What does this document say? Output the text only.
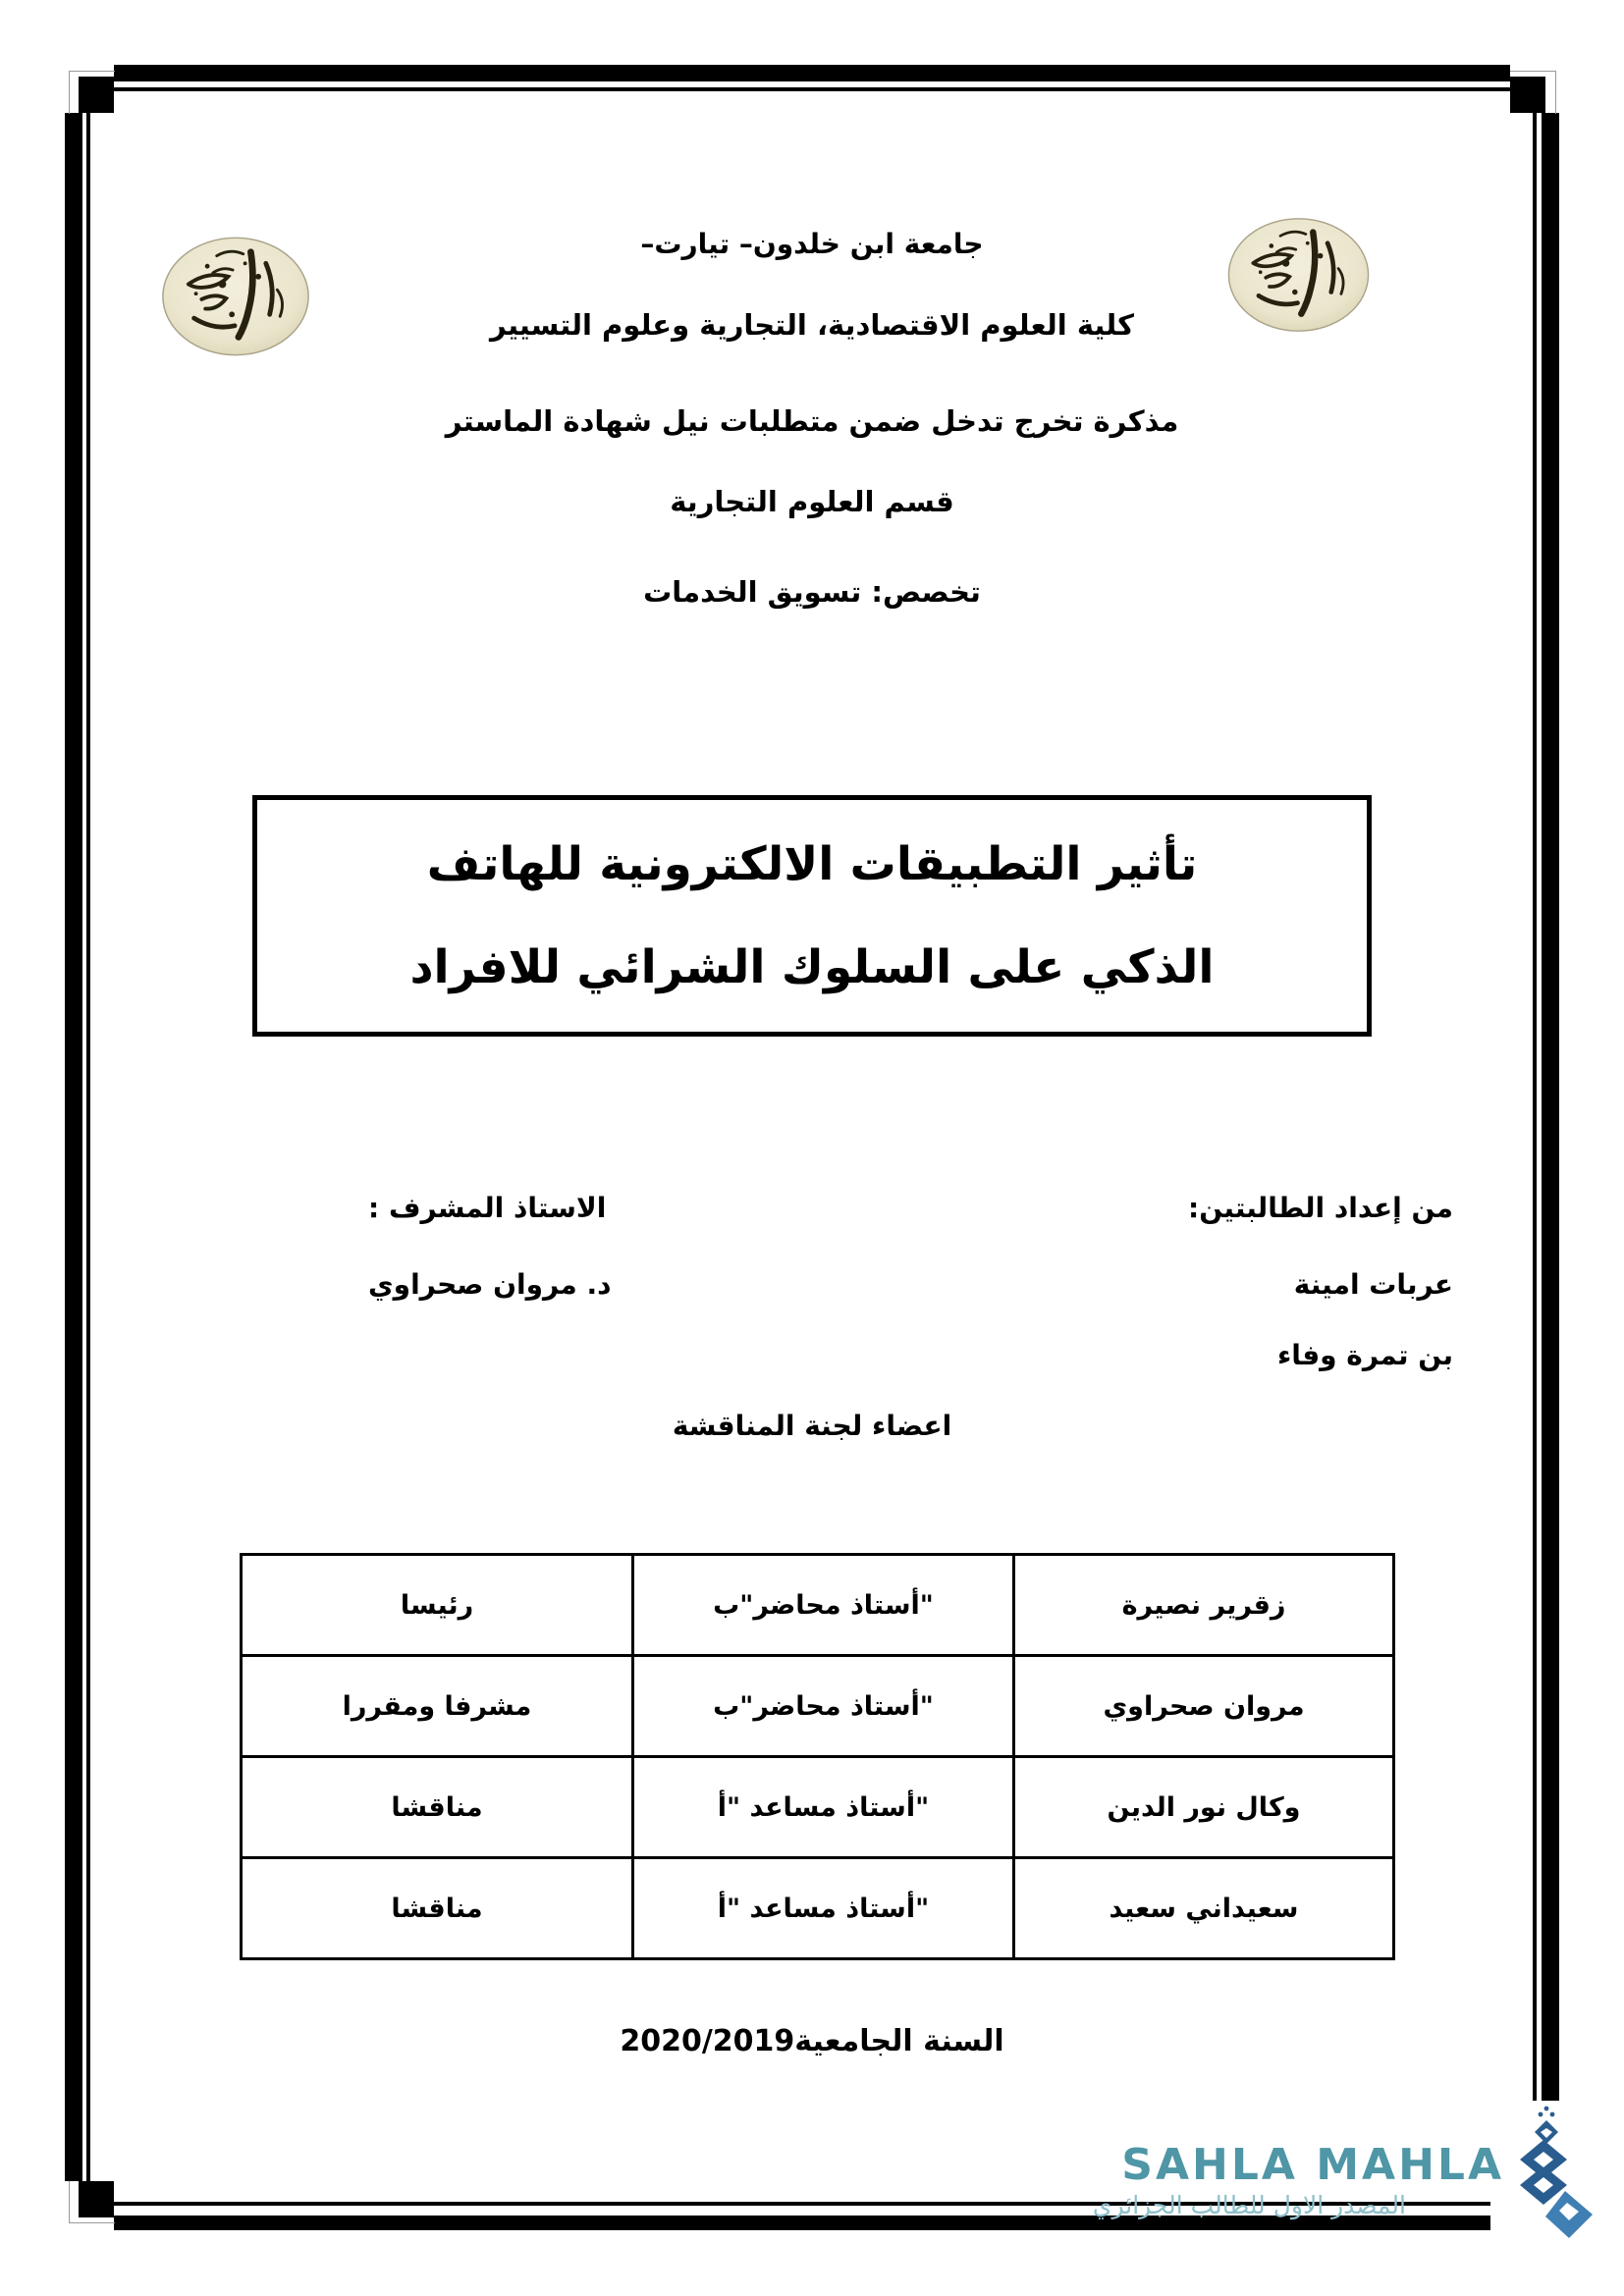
جامعة ابن خلدون– تيارت–
كلية العلوم الاقتصادية، التجارية وعلوم التسيير
مذكرة تخرج تدخل ضمن متطلبات نيل شهادة الماستر
قسم العلوم التجارية
تخصص: تسويق الخدمات
تأثير التطبيقات الالكترونية للهاتف
الذكي على السلوك الشرائي للافراد
من إعداد الطالبتين:
الاستاذ المشرف :
عربات امينة
د. مروان صحراوي
بن تمرة وفاء
اعضاء لجنة المناقشة
زقرير نصيرة	"أستاذ محاضر"ب	رئيسا
مروان صحراوي	"أستاذ محاضر"ب	مشرفا ومقررا
وكال نور الدين	"أستاذ مساعد "أ	مناقشا
سعيداني سعيد	"أستاذ مساعد "أ	مناقشا
السنة الجامعية2020/2019
SAHLA MAHLA
المصدر الاول للطالب الجزائري
